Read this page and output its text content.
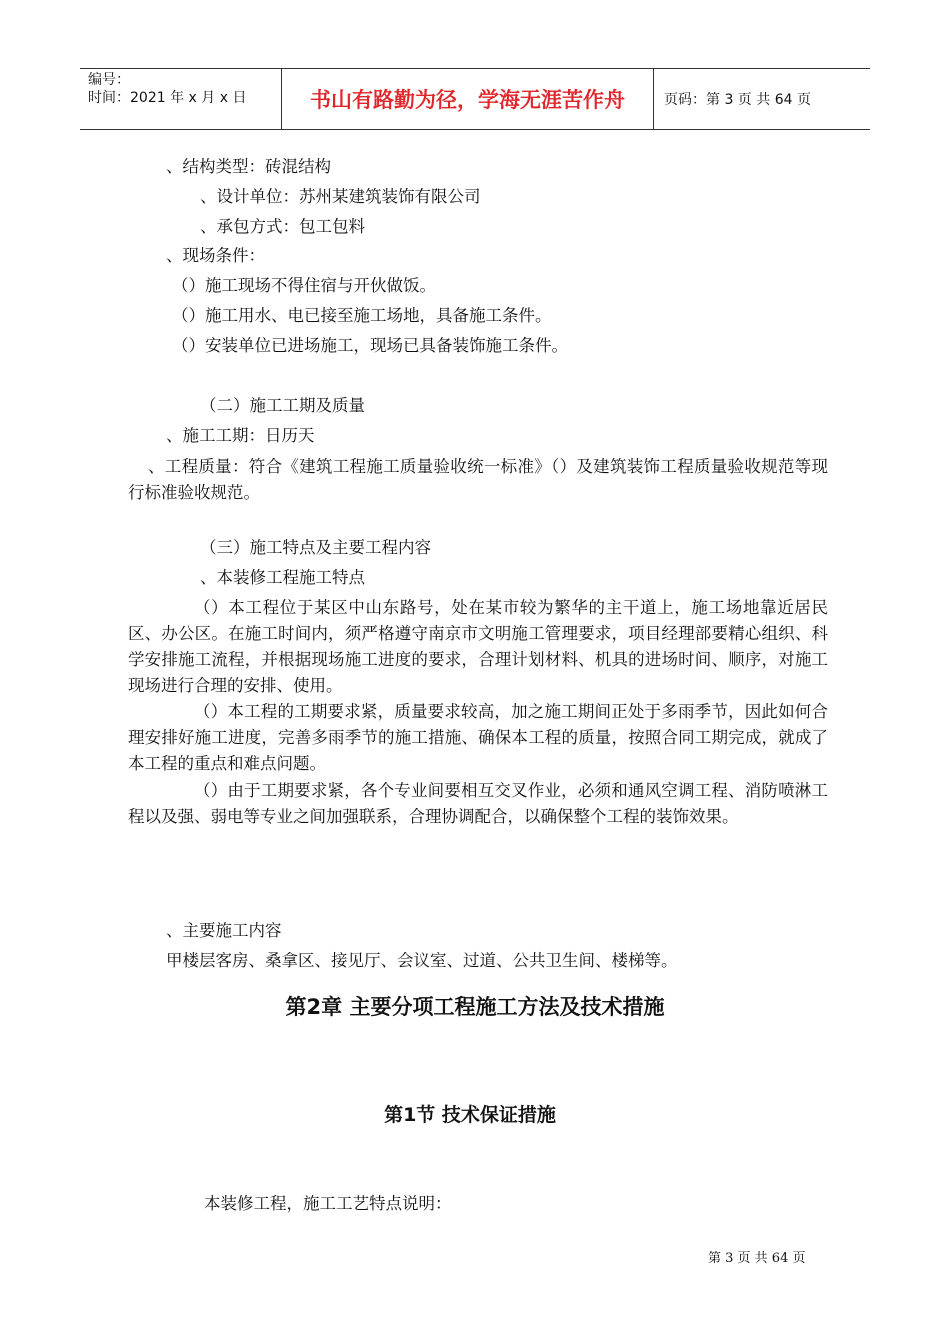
编号：
时间：2021 年 x 月 x 日	书山有路勤为径，学海无涯苦作舟	页码：第 3 页 共 64 页
、结构类型：砖混结构
、设计单位：苏州某建筑装饰有限公司
、承包方式：包工包料
、现场条件：
（）施工现场不得住宿与开伙做饭。
（）施工用水、电已接至施工场地，具备施工条件。
（）安装单位已进场施工，现场已具备装饰施工条件。
（二）施工工期及质量
、施工工期：日历天
、工程质量：符合《建筑工程施工质量验收统一标准》（）及建筑装饰工程质量验收规范等现行标准验收规范。
（三）施工特点及主要工程内容
、本装修工程施工特点
（）本工程位于某区中山东路号，处在某市较为繁华的主干道上，施工场地靠近居民区、办公区。在施工时间内，须严格遵守南京市文明施工管理要求，项目经理部要精心组织、科学安排施工流程，并根据现场施工进度的要求，合理计划材料、机具的进场时间、顺序，对施工现场进行合理的安排、使用。
（）本工程的工期要求紧，质量要求较高，加之施工期间正处于多雨季节，因此如何合理安排好施工进度，完善多雨季节的施工措施、确保本工程的质量，按照合同工期完成，就成了本工程的重点和难点问题。
（）由于工期要求紧，各个专业间要相互交叉作业，必须和通风空调工程、消防喷淋工程以及强、弱电等专业之间加强联系，合理协调配合，以确保整个工程的装饰效果。
、主要施工内容
甲楼层客房、桑拿区、接见厅、会议室、过道、公共卫生间、楼梯等。
第2章 主要分项工程施工方法及技术措施
第1节 技术保证措施
本装修工程，施工工艺特点说明：
第 3 页 共 64 页
